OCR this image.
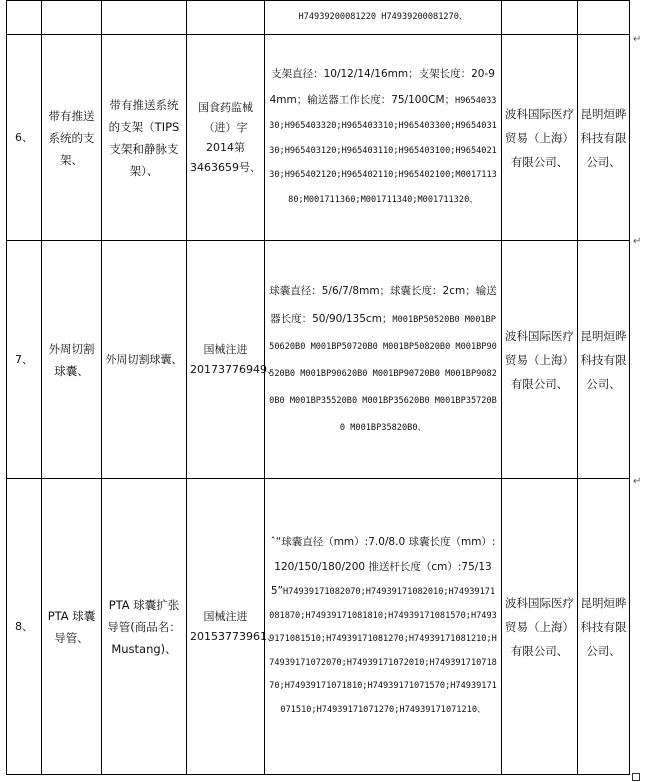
				H74939200081220 H74939200081270、		

6、	带有推送系统的支架、	带有推送系统的支架（TIPS支架和静脉支架）、	国食药监械（进）字2014第3463659号、	支架直径：10/12/14/16mm；支架长度：20-94mm；输送器工作长度：75/100CM；H965403330;H965403320;H965403310;H965403300;H965403130;H965403120;H965403110;H965403100;H965402130;H965402120;H965402110;H965402100;M001711380;M001711360;M001711340;M001711320、	波科国际医疗贸易（上海）有限公司、	昆明烜晔科技有限公司、

7、	外周切割球囊、	外周切割球囊、	国械注进20173776949、	球囊直径：5/6/7/8mm；球囊长度：2cm；输送器长度：50/90/135cm；M001BP50520B0 M001BP50620B0 M001BP50720B0 M001BP50820B0 M001BP90520B0 M001BP90620B0 M001BP90720B0 M001BP90820B0 M001BP35520B0 M001BP35620B0 M001BP35720B0 M001BP35820B0、	波科国际医疗贸易（上海）有限公司、	昆明烜晔科技有限公司、

8、	PTA 球囊导管、	PTA 球囊扩张导管(商品名：Mustang)、	国械注进20153773961、	ˆ“球囊直径（mm）:7.0/8.0 球囊长度（mm）:120/150/180/200 推送杆长度（cm）:75/135”H74939171082070;H74939171082010;H74939171081870;H74939171081810;H74939171081570;H74939171081510;H74939171081270;H74939171081210;H74939171072070;H74939171072010;H74939171071870;H74939171071810;H74939171071570;H74939171071510;H74939171071270;H74939171071210、	波科国际医疗贸易（上海）有限公司、	昆明烜晔科技有限公司、
↵
↵
↵
